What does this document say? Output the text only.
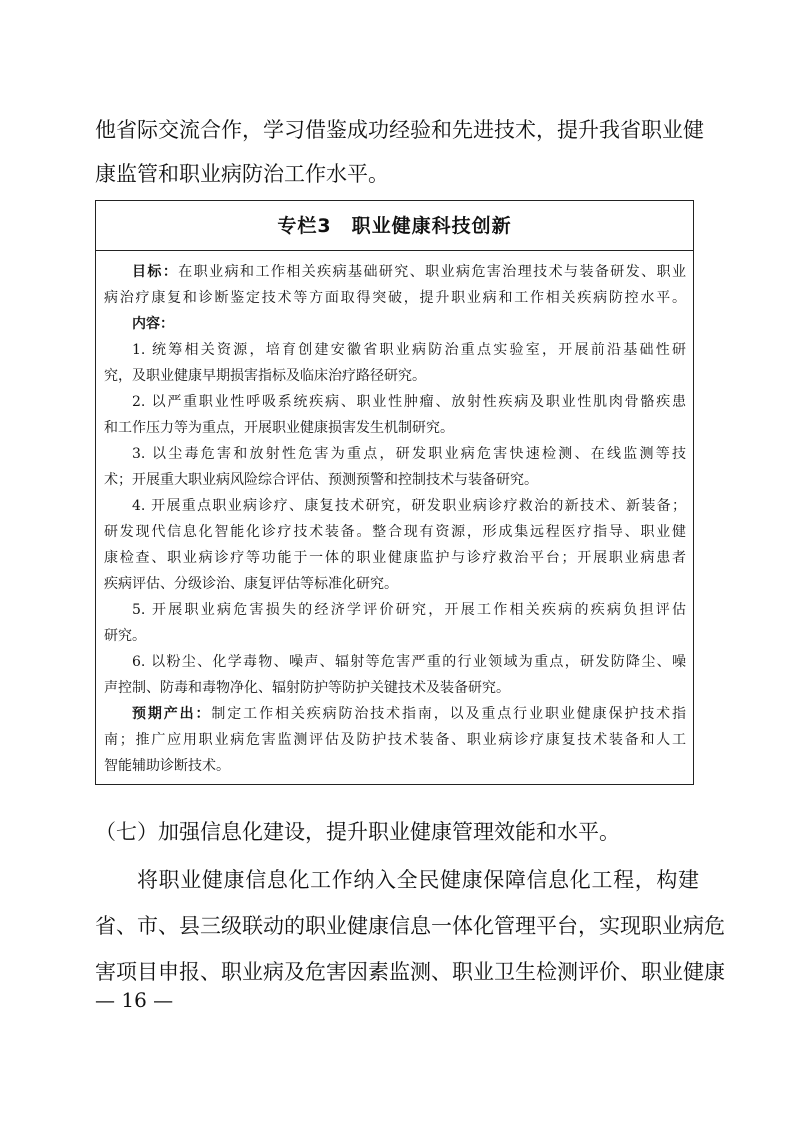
他省际交流合作，学习借鉴成功经验和先进技术，提升我省职业健
康监管和职业病防治工作水平。
专栏3　职业健康科技创新
目标：在职业病和工作相关疾病基础研究、职业病危害治理技术与装备研发、职业
病治疗康复和诊断鉴定技术等方面取得突破，提升职业病和工作相关疾病防控水平。
内容：
1. 统筹相关资源，培育创建安徽省职业病防治重点实验室，开展前沿基础性研
究，及职业健康早期损害指标及临床治疗路径研究。
2. 以严重职业性呼吸系统疾病、职业性肿瘤、放射性疾病及职业性肌肉骨骼疾患
和工作压力等为重点，开展职业健康损害发生机制研究。
3. 以尘毒危害和放射性危害为重点，研发职业病危害快速检测、在线监测等技
术；开展重大职业病风险综合评估、预测预警和控制技术与装备研究。
4. 开展重点职业病诊疗、康复技术研究，研发职业病诊疗救治的新技术、新装备；
研发现代信息化智能化诊疗技术装备。整合现有资源，形成集远程医疗指导、职业健
康检查、职业病诊疗等功能于一体的职业健康监护与诊疗救治平台；开展职业病患者
疾病评估、分级诊治、康复评估等标准化研究。
5. 开展职业病危害损失的经济学评价研究，开展工作相关疾病的疾病负担评估
研究。
6. 以粉尘、化学毒物、噪声、辐射等危害严重的行业领域为重点，研发防降尘、噪
声控制、防毒和毒物净化、辐射防护等防护关键技术及装备研究。
预期产出：制定工作相关疾病防治技术指南，以及重点行业职业健康保护技术指
南；推广应用职业病危害监测评估及防护技术装备、职业病诊疗康复技术装备和人工
智能辅助诊断技术。
（七）加强信息化建设，提升职业健康管理效能和水平。
将职业健康信息化工作纳入全民健康保障信息化工程，构建
省、市、县三级联动的职业健康信息一体化管理平台，实现职业病危
害项目申报、职业病及危害因素监测、职业卫生检测评价、职业健康
— 16 —
